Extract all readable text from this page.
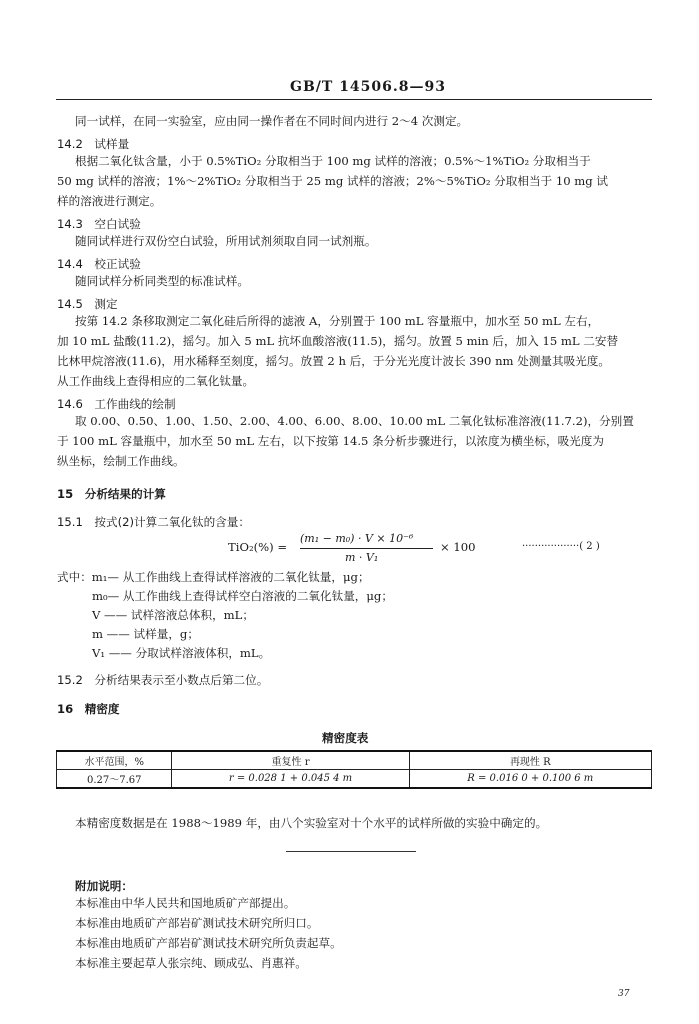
GB/T 14506.8—93
同一试样，在同一实验室，应由同一操作者在不同时间内进行 2～4 次测定。
14.2　试样量
根据二氧化钛含量，小于 0.5%TiO₂ 分取相当于 100 mg 试样的溶液；0.5%～1%TiO₂ 分取相当于
50 mg 试样的溶液；1%～2%TiO₂ 分取相当于 25 mg 试样的溶液；2%～5%TiO₂ 分取相当于 10 mg 试
样的溶液进行测定。
14.3　空白试验
随同试样进行双份空白试验，所用试剂须取自同一试剂瓶。
14.4　校正试验
随同试样分析同类型的标准试样。
14.5　测定
按第 14.2 条移取测定二氧化硅后所得的滤液 A，分别置于 100 mL 容量瓶中，加水至 50 mL 左右，
加 10 mL 盐酸(11.2)，摇匀。加入 5 mL 抗坏血酸溶液(11.5)，摇匀。放置 5 min 后，加入 15 mL 二安替
比林甲烷溶液(11.6)，用水稀释至刻度，摇匀。放置 2 h 后，于分光光度计波长 390 nm 处测量其吸光度。
从工作曲线上查得相应的二氧化钛量。
14.6　工作曲线的绘制
取 0.00、0.50、1.00、1.50、2.00、4.00、6.00、8.00、10.00 mL 二氧化钛标准溶液(11.7.2)，分别置
于 100 mL 容量瓶中，加水至 50 mL 左右，以下按第 14.5 条分析步骤进行，以浓度为横坐标，吸光度为
纵坐标，绘制工作曲线。
15　分析结果的计算
15.1　按式(2)计算二氧化钛的含量：
TiO₂(%) =
(m₁ − m₀) · V × 10⁻⁶
m · V₁
× 100	··················( 2 )
式中：m₁— 从工作曲线上查得试样溶液的二氧化钛量，μg；
m₀— 从工作曲线上查得试样空白溶液的二氧化钛量，μg；
V —— 试样溶液总体积，mL；
m —— 试样量，g；
V₁ —— 分取试样溶液体积，mL。
15.2　分析结果表示至小数点后第二位。
16　精密度
精密度表
水平范围，%	重复性 r	再现性 R
0.27～7.67	r = 0.028 1 + 0.045 4 m	R = 0.016 0 + 0.100 6 m
本精密度数据是在 1988～1989 年，由八个实验室对十个水平的试样所做的实验中确定的。
附加说明：
本标准由中华人民共和国地质矿产部提出。
本标准由地质矿产部岩矿测试技术研究所归口。
本标准由地质矿产部岩矿测试技术研究所负责起草。
本标准主要起草人张宗纯、顾成弘、肖惠祥。
37
